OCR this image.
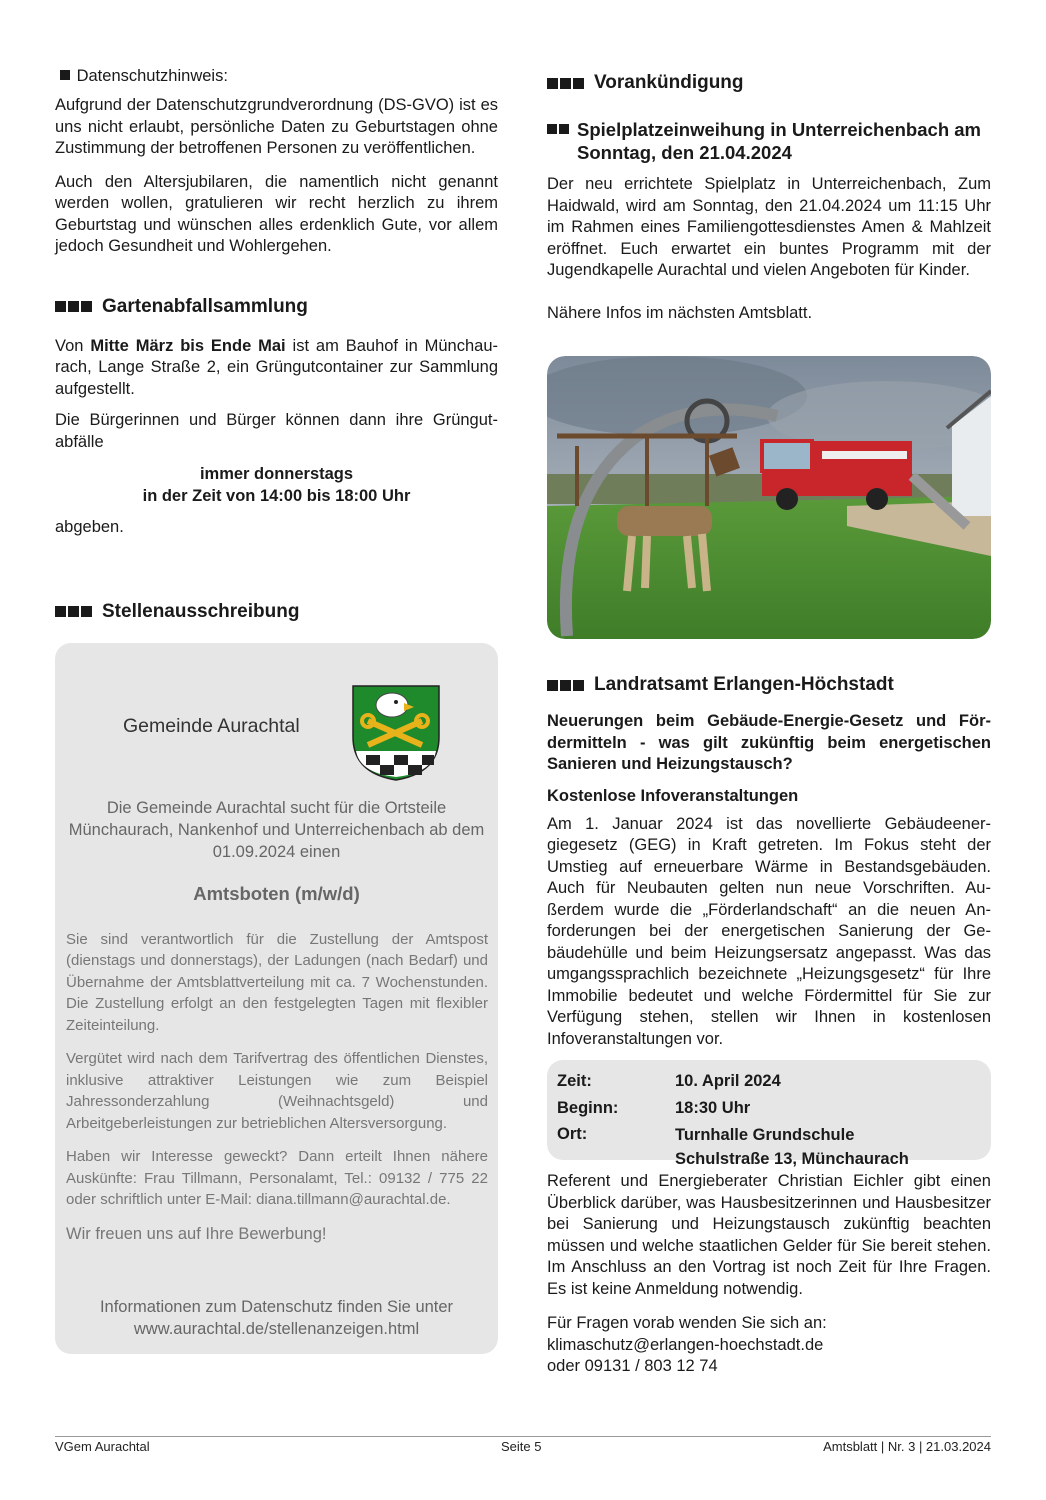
Datenschutzhinweis:

Aufgrund der Datenschutzgrundverordnung (DS-GVO) ist es uns nicht erlaubt, persönliche Daten zu Geburtstagen ohne Zustimmung der betroffenen Personen zu veröffentlichen.

Auch den Altersjubilaren, die namentlich nicht genannt werden wollen, gratulieren wir recht herzlich zu ihrem Geburtstag und wünschen alles erdenklich Gute, vor allem jedoch Gesundheit und Wohlergehen.

Gartenabfallsammlung

Von Mitte März bis Ende Mai ist am Bauhof in Münchaurach, Lange Straße 2, ein Grüngutcontainer zur Sammlung aufgestellt.

Die Bürgerinnen und Bürger können dann ihre Grüngutabfälle

immer donnerstags
in der Zeit von 14:00 bis 18:00 Uhr

abgeben.

Stellenausschreibung
Gemeinde Aurachtal
Die Gemeinde Aurachtal sucht für die Ortsteile Münchaurach, Nankenhof und Unterreichenbach ab dem 01.09.2024 einen
Amtsboten (m/w/d)

Sie sind verantwortlich für die Zustellung der Amtspost (dienstags und donnerstags), der Ladungen (nach Bedarf) und Übernahme der Amtsblattverteilung mit ca. 7 Wochenstunden. Die Zustellung erfolgt an den festgelegten Tagen mit flexibler Zeiteinteilung.

Vergütet wird nach dem Tarifvertrag des öffentlichen Dienstes, inklusive attraktiver Leistungen wie zum Beispiel Jahressonderzahlung (Weihnachtsgeld) und Arbeitgeberleistungen zur betrieblichen Altersversorgung.

Haben wir Interesse geweckt? Dann erteilt Ihnen nähere Auskünfte: Frau Tillmann, Personalamt, Tel.: 09132 / 775 22 oder schriftlich unter E-Mail: diana.tillmann@aurachtal.de.

Wir freuen uns auf Ihre Bewerbung!

Informationen zum Datenschutz finden Sie unter www.aurachtal.de/stellenanzeigen.html
Vorankündigung
Spielplatzeinweihung in Unterreichenbach am Sonntag, den 21.04.2024

Der neu errichtete Spielplatz in Unterreichenbach, Zum Haidwald, wird am Sonntag, den 21.04.2024 um 11:15 Uhr im Rahmen eines Familiengottesdienstes Amen & Mahlzeit eröffnet. Euch erwartet ein buntes Programm mit der Jugendkapelle Aurachtal und vielen Angeboten für Kinder.

Nähere Infos im nächsten Amtsblatt.

Landratsamt Erlangen-Höchstadt

Neuerungen beim Gebäude-Energie-Gesetz und Fördermitteln - was gilt zukünftig beim energetischen Sanieren und Heizungstausch?

Kostenlose Infoveranstaltungen

Am 1. Januar 2024 ist das novellierte Gebäudeenergiegesetz (GEG) in Kraft getreten. Im Fokus steht der Umstieg auf erneuerbare Wärme in Bestandsgebäuden. Auch für Neubauten gelten nun neue Vorschriften. Außerdem wurde die „Förderlandschaft“ an die neuen Anforderungen bei der energetischen Sanierung der Gebäudehülle und beim Heizungsersatz angepasst. Was das umgangssprachlich bezeichnete „Heizungsgesetz“ für Ihre Immobilie bedeutet und welche Fördermittel für Sie zur Verfügung stehen, stellen wir Ihnen in kostenlosen Infoveranstaltungen vor.

Zeit:	10. April 2024
Beginn:	18:30 Uhr
Ort:	Turnhalle Grundschule
Schulstraße 13, Münchaurach

Referent und Energieberater Christian Eichler gibt einen Überblick darüber, was Hausbesitzerinnen und Hausbesitzer bei Sanierung und Heizungstausch zukünftig beachten müssen und welche staatlichen Gelder für Sie bereit stehen. Im Anschluss an den Vortrag ist noch Zeit für Ihre Fragen. Es ist keine Anmeldung notwendig.

Für Fragen vorab wenden Sie sich an:
klimaschutz@erlangen-hoechstadt.de
oder 09131 / 803 12 74
VGem Aurachtal	Seite 5	Amtsblatt | Nr. 3 | 21.03.2024
